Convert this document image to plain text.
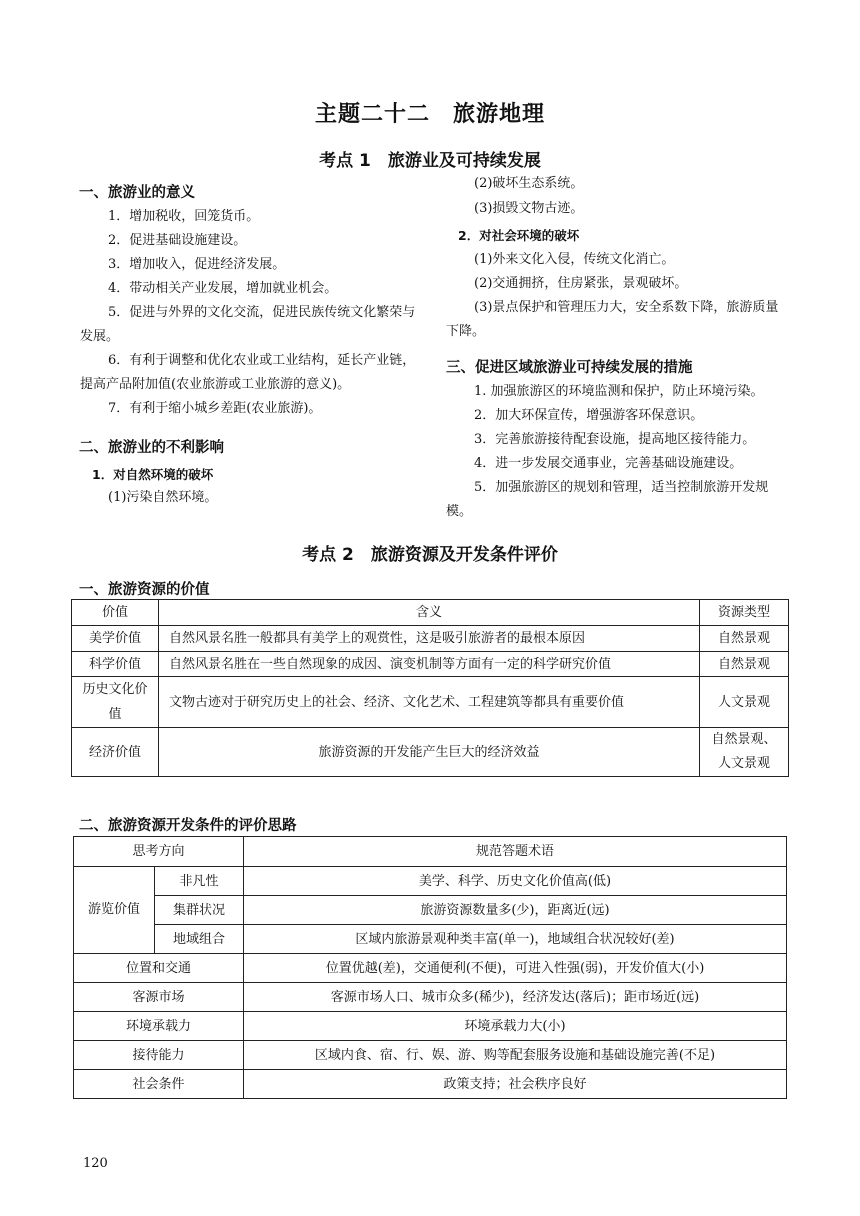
主题二十二　旅游地理
考点 1　旅游业及可持续发展
一、旅游业的意义
1．增加税收，回笼货币。
2．促进基础设施建设。
3．增加收入，促进经济发展。
4．带动相关产业发展，增加就业机会。
5．促进与外界的文化交流，促进民族传统文化繁荣与发展。
6．有利于调整和优化农业或工业结构，延长产业链，提高产品附加值(农业旅游或工业旅游的意义)。
7．有利于缩小城乡差距(农业旅游)。
二、旅游业的不利影响
1．对自然环境的破坏
(1)污染自然环境。
(2)破坏生态系统。
(3)损毁文物古迹。
2．对社会环境的破坏
(1)外来文化入侵，传统文化消亡。
(2)交通拥挤，住房紧张，景观破坏。
(3)景点保护和管理压力大，安全系数下降，旅游质量下降。
三、促进区域旅游业可持续发展的措施
1. 加强旅游区的环境监测和保护，防止环境污染。
2．加大环保宣传，增强游客环保意识。
3．完善旅游接待配套设施，提高地区接待能力。
4．进一步发展交通事业，完善基础设施建设。
5．加强旅游区的规划和管理，适当控制旅游开发规模。
考点 2　旅游资源及开发条件评价
一、旅游资源的价值
价值	含义	资源类型
美学价值	自然风景名胜一般都具有美学上的观赏性，这是吸引旅游者的最根本原因	自然景观
科学价值	自然风景名胜在一些自然现象的成因、演变机制等方面有一定的科学研究价值	自然景观
历史文化价值	文物古迹对于研究历史上的社会、经济、文化艺术、工程建筑等都具有重要价值	人文景观
经济价值	旅游资源的开发能产生巨大的经济效益	自然景观、人文景观
二、旅游资源开发条件的评价思路
思考方向		规范答题术语
游览价值	非凡性	美学、科学、历史文化价值高(低)
	集群状况	旅游资源数量多(少)，距离近(远)
	地域组合	区域内旅游景观种类丰富(单一)，地域组合状况较好(差)
位置和交通		位置优越(差)，交通便利(不便)，可进入性强(弱)，开发价值大(小)
客源市场		客源市场人口、城市众多(稀少)，经济发达(落后)；距市场近(远)
环境承载力		环境承载力大(小)
接待能力		区域内食、宿、行、娱、游、购等配套服务设施和基础设施完善(不足)
社会条件		政策支持；社会秩序良好
120
